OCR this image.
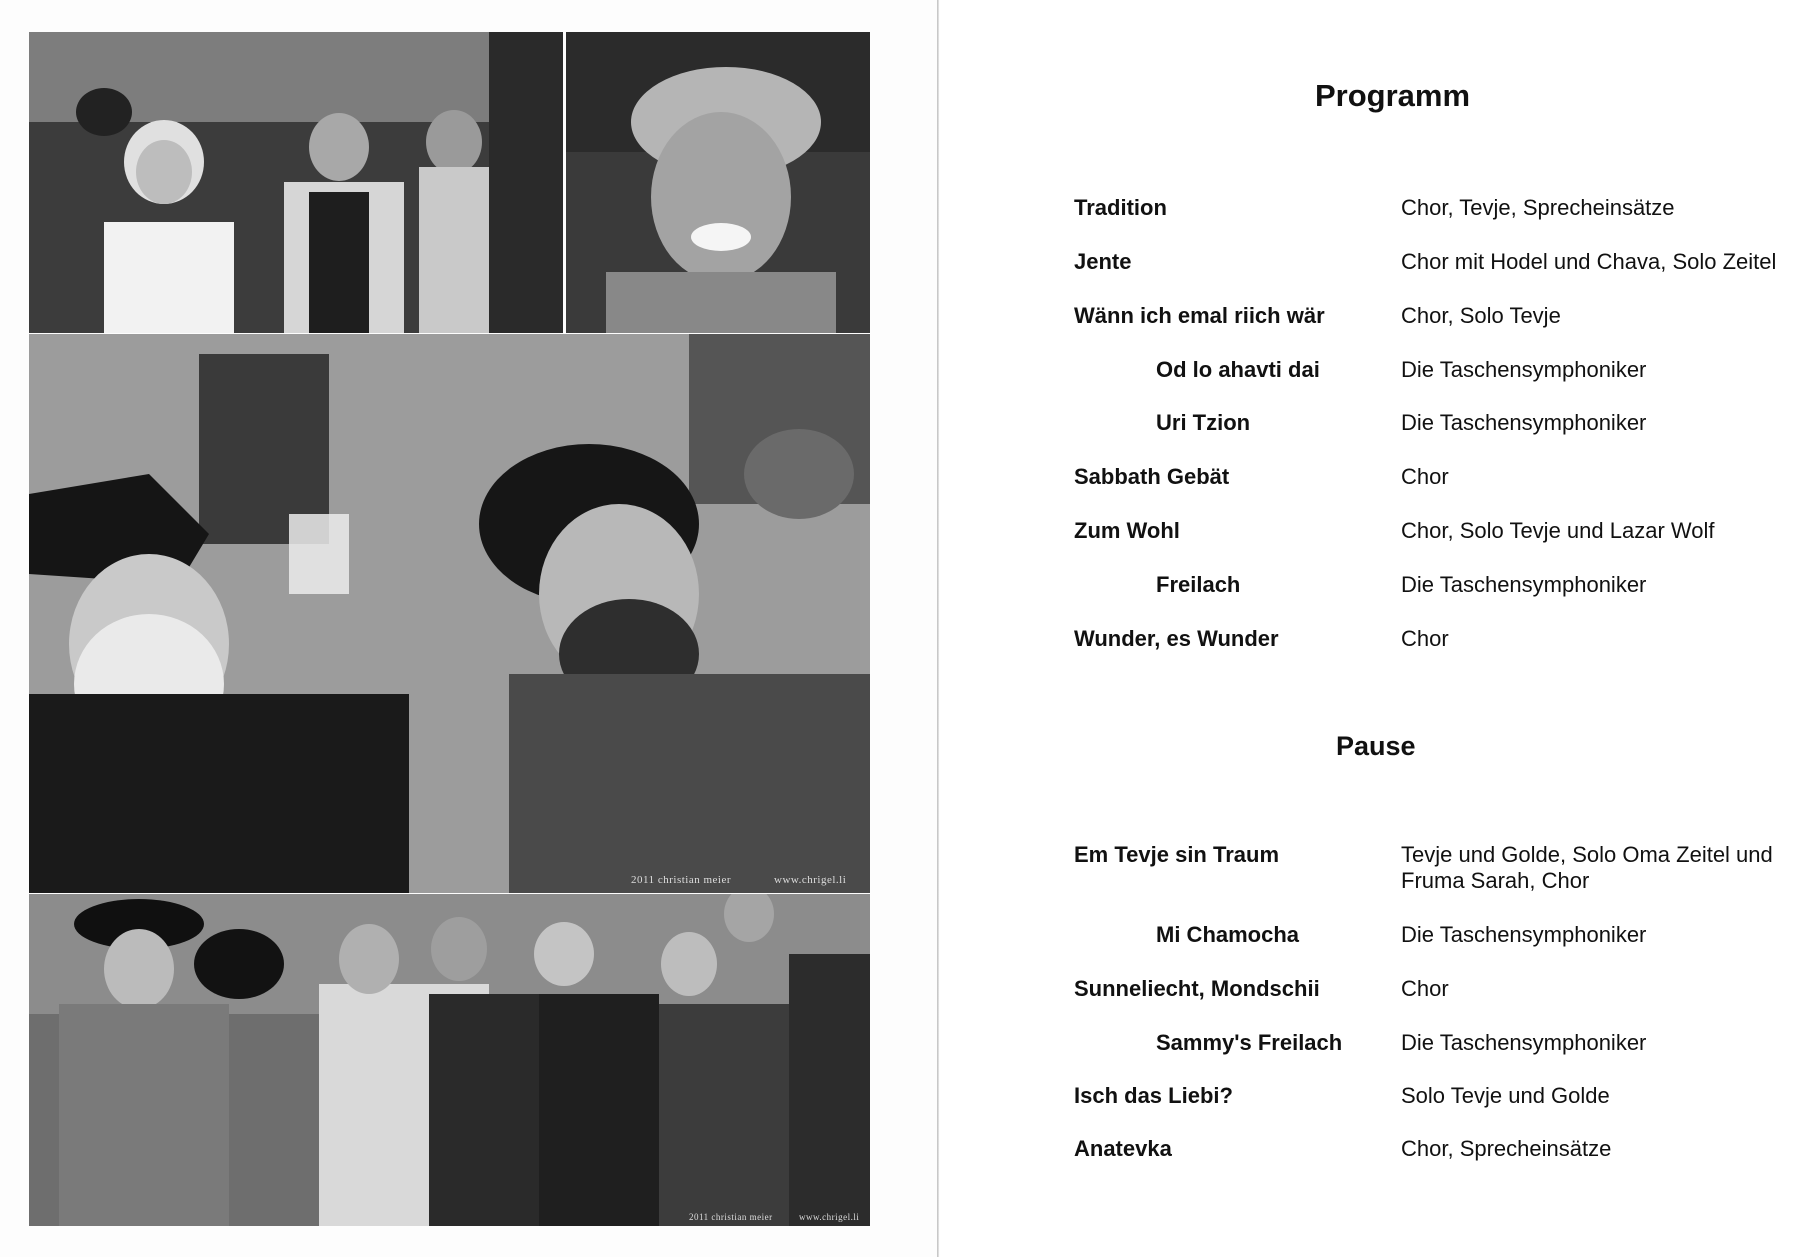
2011 christian meier	www.chrigel.li
2011 christian meier	www.chrigel.li
Programm
Tradition	Chor, Tevje, Sprecheinsätze
Jente	Chor mit Hodel und Chava, Solo Zeitel
Wänn ich emal riich wär	Chor, Solo Tevje
Od lo ahavti dai	Die Taschensymphoniker
Uri Tzion	Die Taschensymphoniker
Sabbath Gebät	Chor
Zum Wohl	Chor, Solo Tevje und Lazar Wolf
Freilach	Die Taschensymphoniker
Wunder, es Wunder	Chor
Pause
Em Tevje sin Traum	Tevje und Golde, Solo Oma Zeitel und Fruma Sarah, Chor
Mi Chamocha	Die Taschensymphoniker
Sunneliecht, Mondschii	Chor
Sammy's Freilach	Die Taschensymphoniker
Isch das Liebi?	Solo Tevje und Golde
Anatevka	Chor, Sprecheinsätze
